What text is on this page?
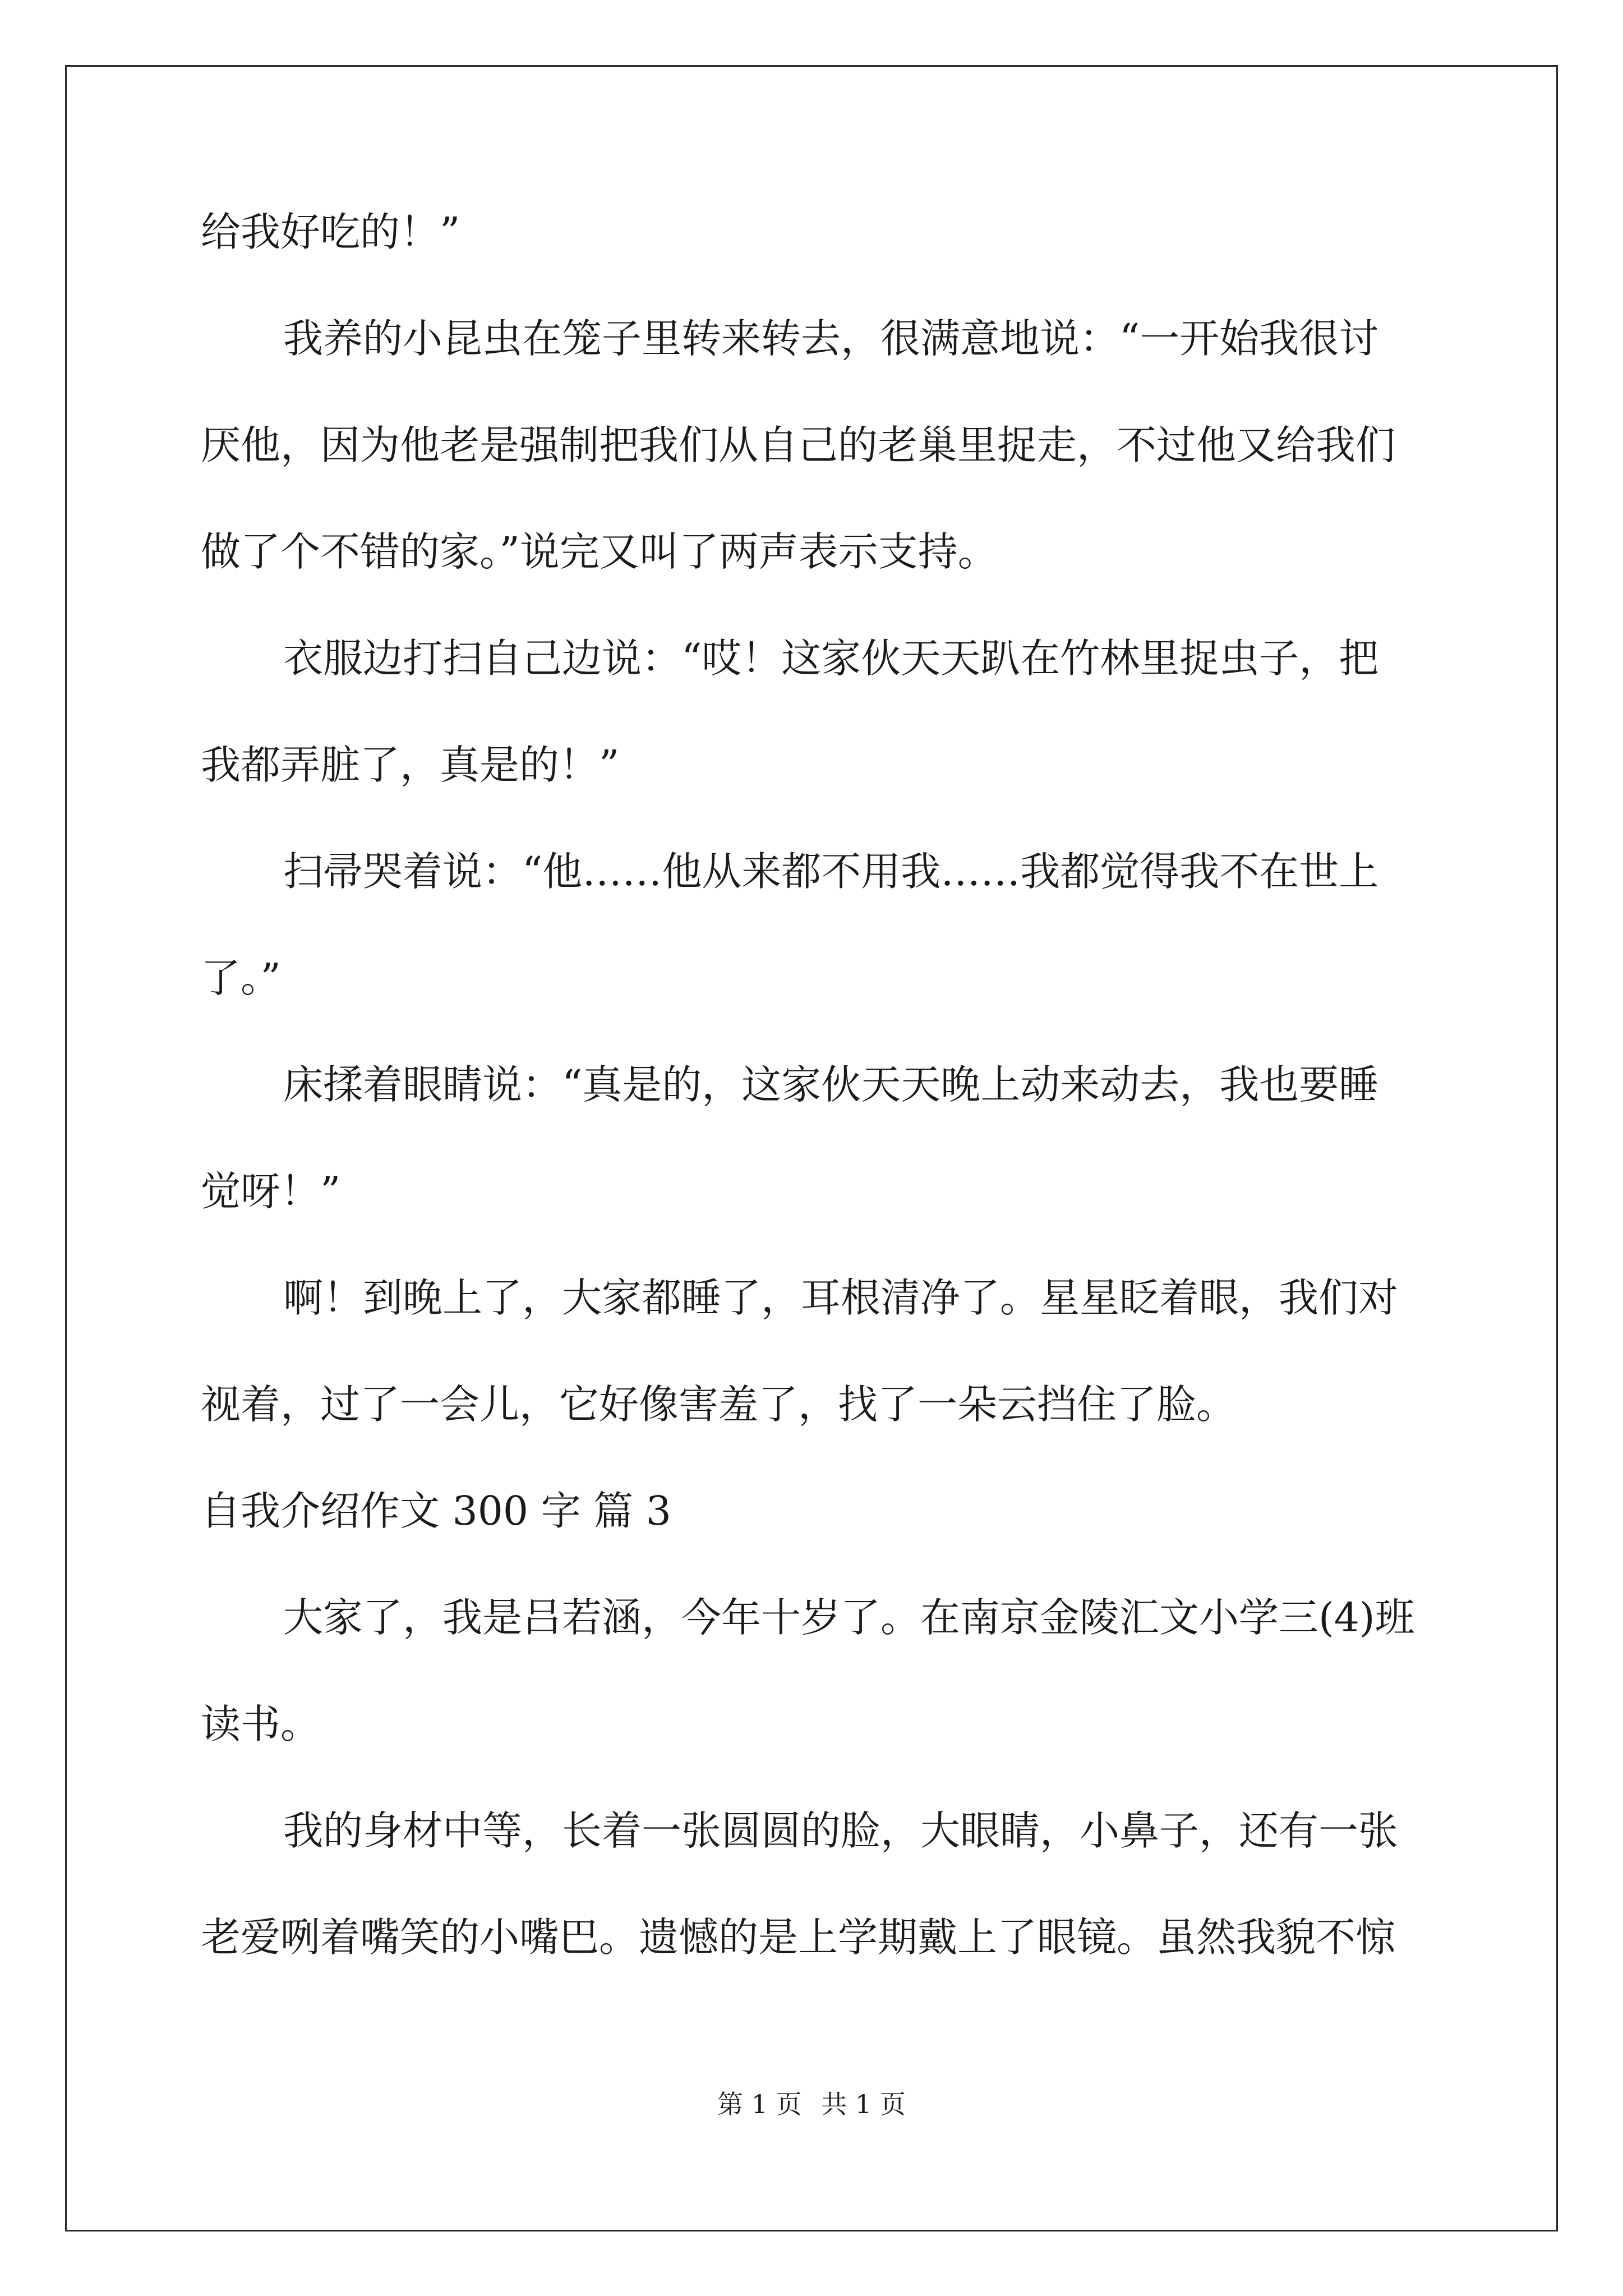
给我好吃的！”
我养的小昆虫在笼子里转来转去，很满意地说：“一开始我很讨
厌他，因为他老是强制把我们从自己的老巢里捉走，不过他又给我们
做了个不错的家。”说完又叫了两声表示支持。
衣服边打扫自己边说：“哎！这家伙天天趴在竹林里捉虫子，把
我都弄脏了，真是的！”
扫帚哭着说：“他……他从来都不用我……我都觉得我不在世上
了。”
床揉着眼睛说：“真是的，这家伙天天晚上动来动去，我也要睡
觉呀！”
啊！到晚上了，大家都睡了，耳根清净了。星星眨着眼，我们对
视着，过了一会儿，它好像害羞了，找了一朵云挡住了脸。
自我介绍作文 300 字 篇 3
大家了，我是吕若涵，今年十岁了。在南京金陵汇文小学三(4)班
读书。
我的身材中等，长着一张圆圆的脸，大眼睛，小鼻子，还有一张
老爱咧着嘴笑的小嘴巴。遗憾的是上学期戴上了眼镜。虽然我貌不惊
第 1 页 共 1 页
